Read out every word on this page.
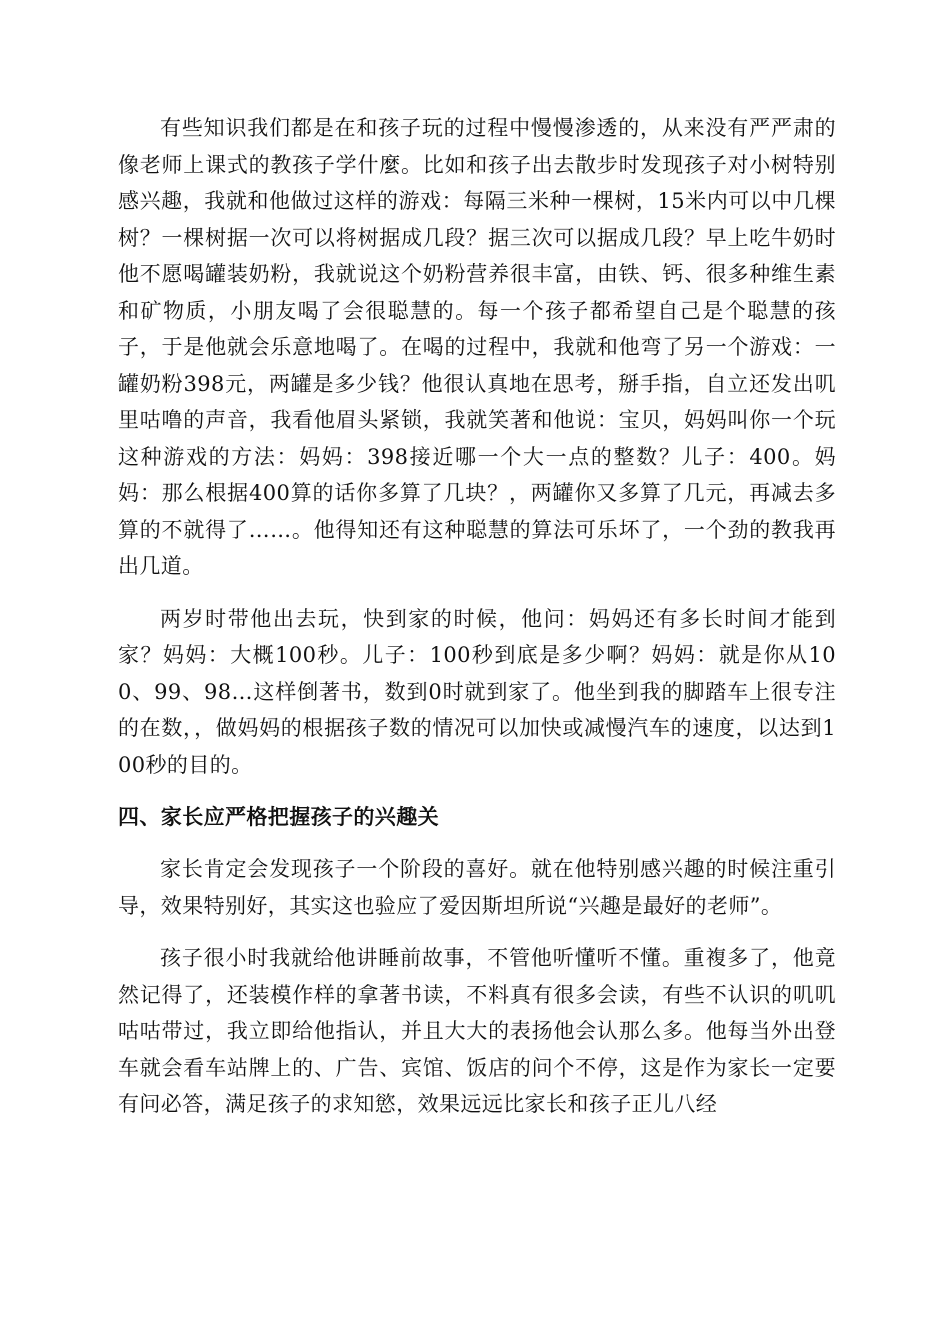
有些知识我们都是在和孩子玩的过程中慢慢渗透的，从来没有严严肃的像老师上课式的教孩子学什麼。比如和孩子出去散步时发现孩子对小树特别感兴趣，我就和他做过这样的游戏：每隔三米种一棵树，15米内可以中几棵树？一棵树据一次可以将树据成几段？据三次可以据成几段？早上吃牛奶时他不愿喝罐装奶粉，我就说这个奶粉营养很丰富，由铁、钙、很多种维生素和矿物质，小朋友喝了会很聪慧的。每一个孩子都希望自己是个聪慧的孩子，于是他就会乐意地喝了。在喝的过程中，我就和他弯了另一个游戏：一罐奶粉398元，两罐是多少钱？他很认真地在思考，掰手指，自立还发出叽里咕噜的声音，我看他眉头紧锁，我就笑著和他说：宝贝，妈妈叫你一个玩这种游戏的方法：妈妈：398接近哪一个大一点的整数？儿子：400。妈妈：那么根据400算的话你多算了几块？，两罐你又多算了几元，再减去多算的不就得了……。他得知还有这种聪慧的算法可乐坏了，一个劲的教我再出几道。

两岁时带他出去玩，快到家的时候，他问：妈妈还有多长时间才能到家？妈妈：大概100秒。儿子：100秒到底是多少啊？妈妈：就是你从100、99、98…这样倒著书，数到0时就到家了。他坐到我的脚踏车上很专注的在数，，做妈妈的根据孩子数的情况可以加快或减慢汽车的速度，以达到100秒的目的。

四、家长应严格把握孩子的兴趣关

家长肯定会发现孩子一个阶段的喜好。就在他特别感兴趣的时候注重引导，效果特别好，其实这也验应了爱因斯坦所说“兴趣是最好的老师”。

孩子很小时我就给他讲睡前故事，不管他听懂听不懂。重複多了，他竟然记得了，还装模作样的拿著书读，不料真有很多会读，有些不认识的叽叽咕咕带过，我立即给他指认，并且大大的表扬他会认那么多。他每当外出登车就会看车站牌上的、广告、宾馆、饭店的问个不停，这是作为家长一定要有问必答，满足孩子的求知慾，效果远远比家长和孩子正儿八经
